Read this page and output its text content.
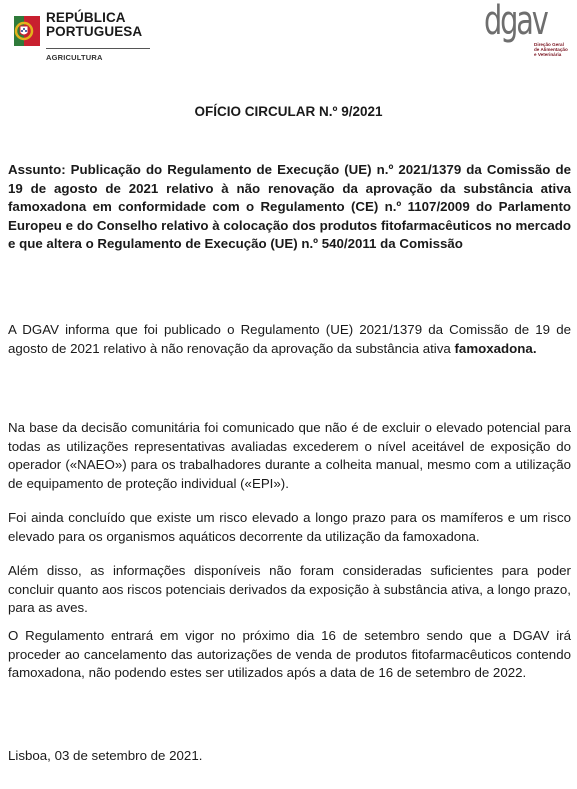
REPÚBLICA
PORTUGUESA
AGRICULTURA
dgav
Direção Geral
de Alimentação
e Veterinária
OFÍCIO CIRCULAR N.º 9/2021
Assunto: Publicação do Regulamento de Execução (UE) n.º 2021/1379 da Comissão de 19 de agosto de 2021 relativo à não renovação da aprovação da substância ativa famoxadona em conformidade com o Regulamento (CE) n.º 1107/2009 do Parlamento Europeu e do Conselho relativo à colocação dos produtos fitofarmacêuticos no mercado e que altera o Regulamento de Execução (UE) n.º 540/2011 da Comissão
A DGAV informa que foi publicado o Regulamento (UE) 2021/1379 da Comissão de 19 de agosto de 2021 relativo à não renovação da aprovação da substância ativa famoxadona.
Na base da decisão comunitária foi comunicado que não é de excluir o elevado potencial para todas as utilizações representativas avaliadas excederem o nível aceitável de exposição do operador («NAEO») para os trabalhadores durante a colheita manual, mesmo com a utilização de equipamento de proteção individual («EPI»).
Foi ainda concluído que existe um risco elevado a longo prazo para os mamíferos e um risco elevado para os organismos aquáticos decorrente da utilização da famoxadona.
Além disso, as informações disponíveis não foram consideradas suficientes para poder concluir quanto aos riscos potenciais derivados da exposição à substância ativa, a longo prazo, para as aves.
O Regulamento entrará em vigor no próximo dia 16 de setembro sendo que a DGAV irá proceder ao cancelamento das autorizações de venda de produtos fitofarmacêuticos contendo famoxadona, não podendo estes ser utilizados após a data de 16 de setembro de 2022.
Lisboa, 03 de setembro de 2021.
